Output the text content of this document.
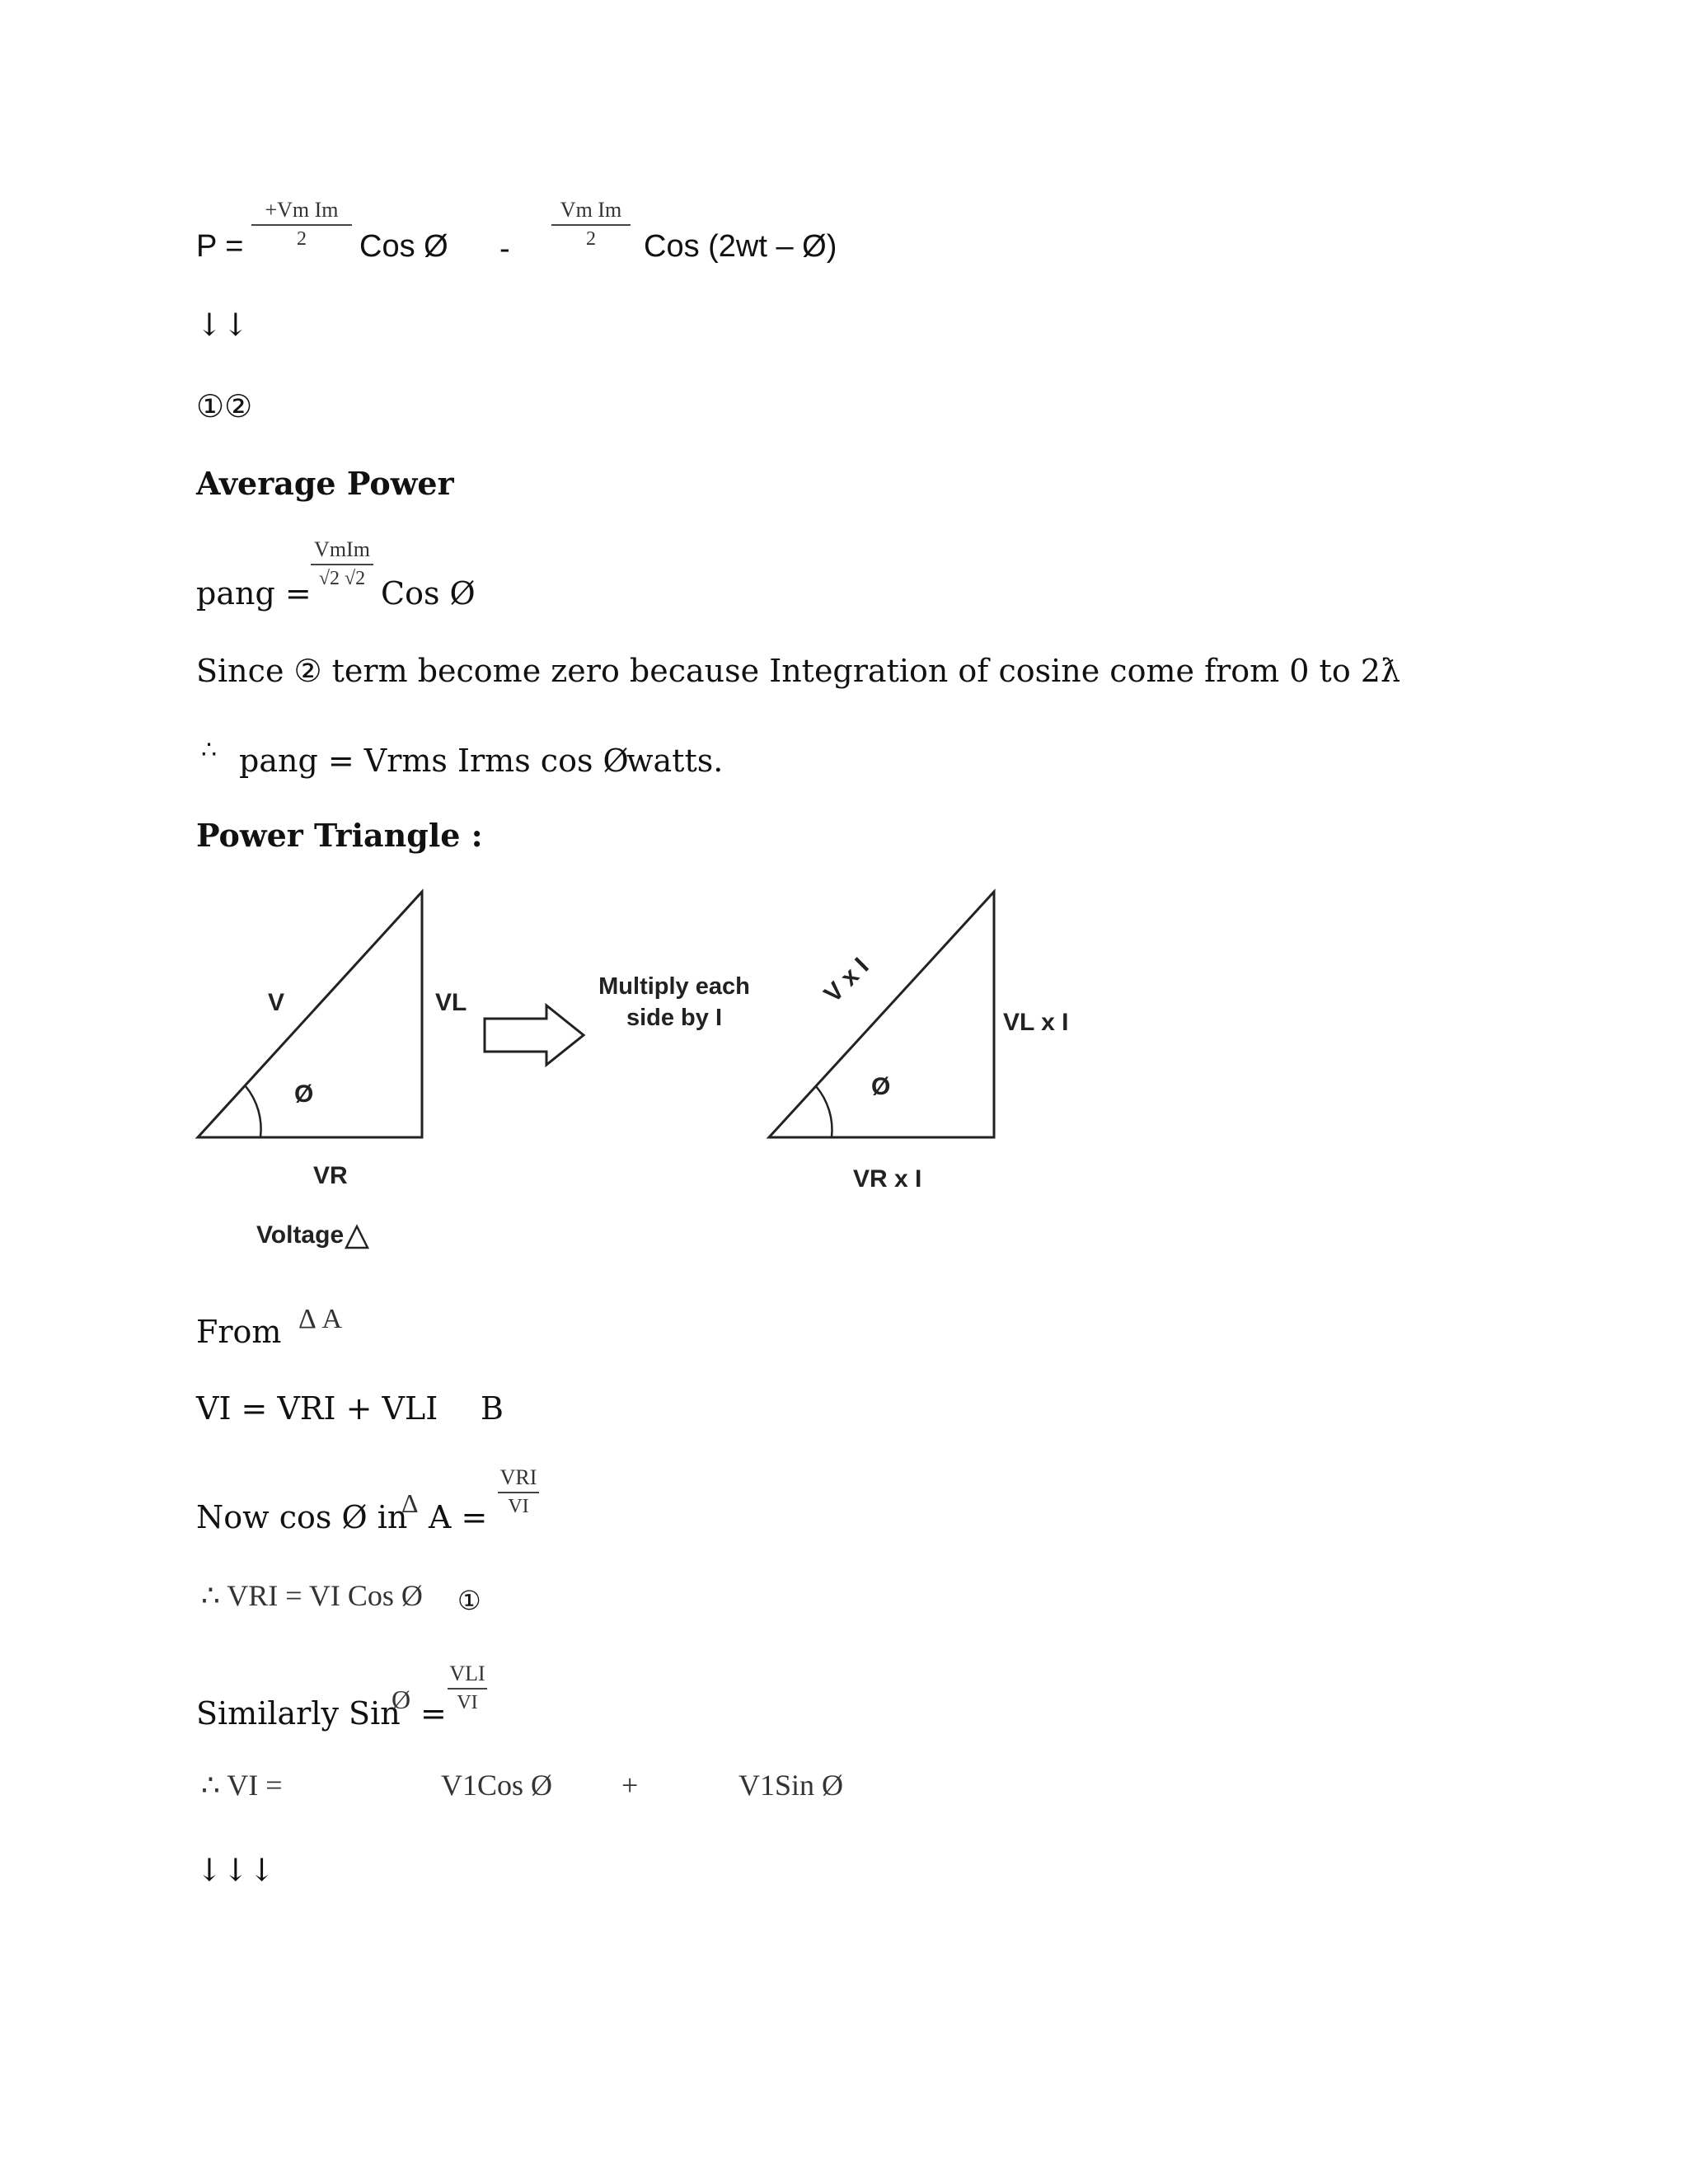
P =
+Vm Im
2	Cos Ø -
Vm Im
2	Cos (2wt – Ø)
↓↓
①②
Average Power
pang =
VmIm
√2 √2 Cos Ø
Since ② term become zero because Integration of cosine come from 0 to 2ƛ
∴ pang = Vrms Irms cos Ø
watts.
Power Triangle :
V	VL
Ø
VR
Voltage
Multiply each
side by I
V x I
VL x I
Ø
VR x I
From Δ A
VI = VRI + VLI B
Now cos Ø in
Δ A =
VRI
VI
∴ VRI = VI Cos Ø ①
Similarly Sin
Ø =
VLI
VI
∴ VI =	V1Cos Ø +	V1Sin Ø
↓↓↓
